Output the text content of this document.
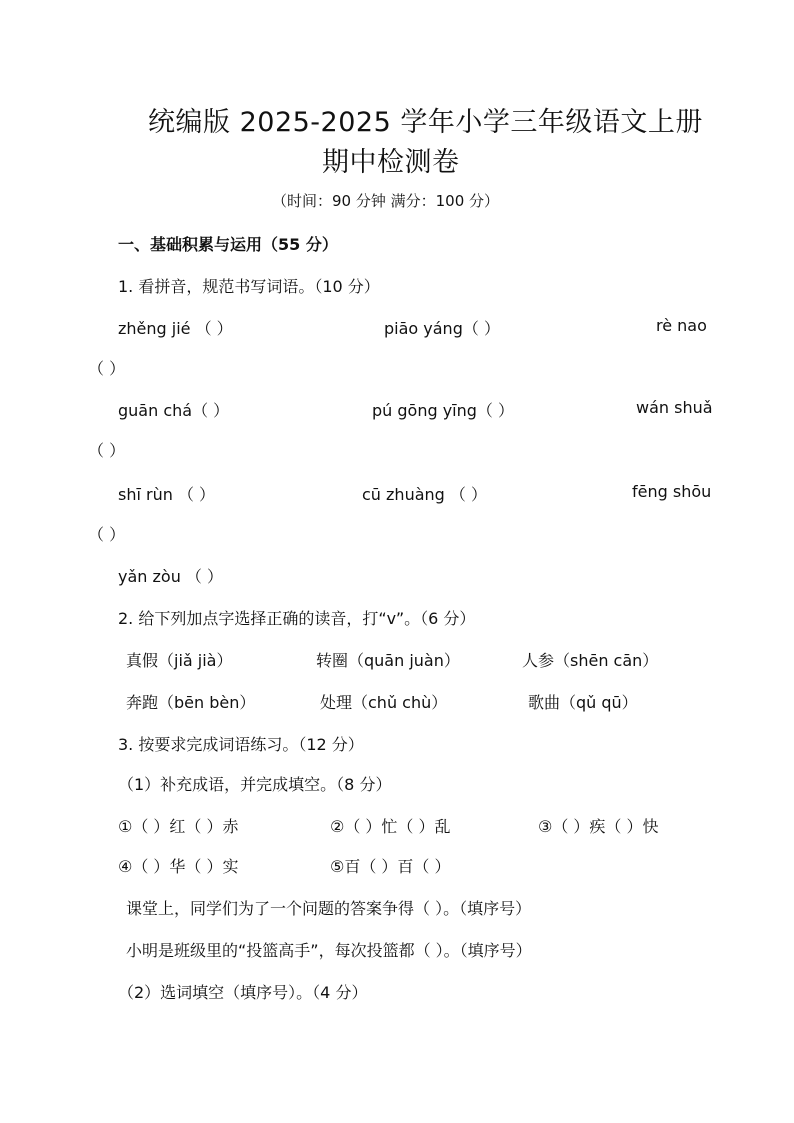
统编版 2025-2025 学年小学三年级语文上册
期中检测卷
（时间：90 分钟 满分：100 分）
一、基础积累与运用（55 分）
1. 看拼音，规范书写词语。（10 分）
zhěng jié （ ）	piāo yáng（ ）	rè nao
（ ）
guān chá（ ）	pú gōng yīng（ ）	wán shuǎ
（ ）
shī rùn （ ）	cū zhuàng （ ）	fēng shōu
（ ）
yǎn zòu （ ）
2. 给下列加点字选择正确的读音，打“v”。（6 分）
真假（jiǎ jià）	转圈（quān juàn）	人参（shēn cān）
奔跑（bēn bèn）	处理（chǔ chù）	歌曲（qǔ qū）
3. 按要求完成词语练习。（12 分）
（1）补充成语，并完成填空。（8 分）
①（ ）红（ ）赤	②（ ）忙（ ）乱	③（ ）疾（ ）快
④（ ）华（ ）实	⑤百（ ）百（ ）
课堂上，同学们为了一个问题的答案争得（ ）。（填序号）
小明是班级里的“投篮高手”，每次投篮都（ ）。（填序号）
（2）选词填空（填序号）。（4 分）
